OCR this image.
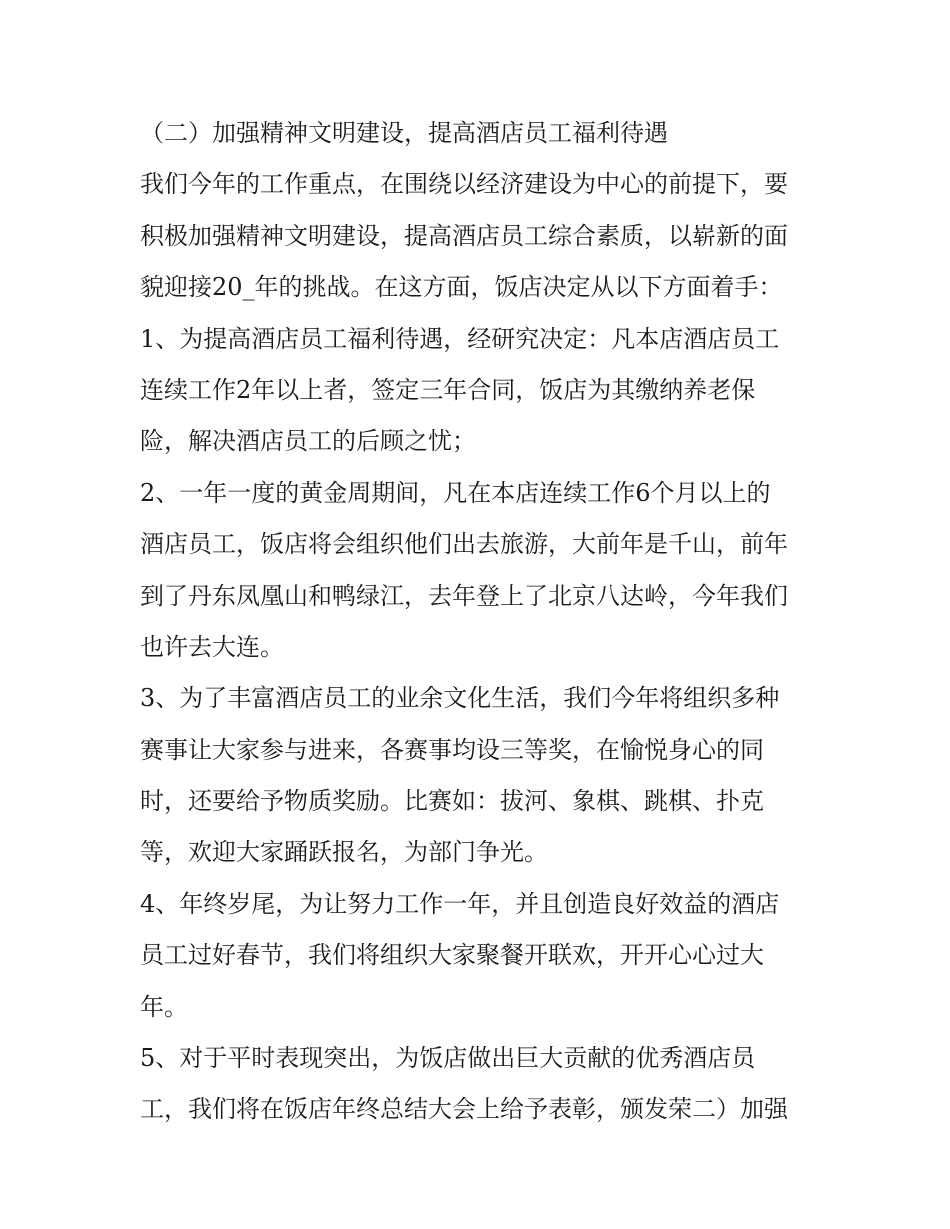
（二）加强精神文明建设，提高酒店员工福利待遇
我们今年的工作重点，在围绕以经济建设为中心的前提下，要
积极加强精神文明建设，提高酒店员工综合素质，以崭新的面
貌迎接20_年的挑战。在这方面，饭店决定从以下方面着手：
1、为提高酒店员工福利待遇，经研究决定：凡本店酒店员工
连续工作2年以上者，签定三年合同，饭店为其缴纳养老保
险，解决酒店员工的后顾之忧；
2、一年一度的黄金周期间，凡在本店连续工作6个月以上的
酒店员工，饭店将会组织他们出去旅游，大前年是千山，前年
到了丹东凤凰山和鸭绿江，去年登上了北京八达岭，今年我们
也许去大连。
3、为了丰富酒店员工的业余文化生活，我们今年将组织多种
赛事让大家参与进来，各赛事均设三等奖，在愉悦身心的同
时，还要给予物质奖励。比赛如：拔河、象棋、跳棋、扑克
等，欢迎大家踊跃报名，为部门争光。
4、年终岁尾，为让努力工作一年，并且创造良好效益的酒店
员工过好春节，我们将组织大家聚餐开联欢，开开心心过大
年。
5、对于平时表现突出，为饭店做出巨大贡献的优秀酒店员
工，我们将在饭店年终总结大会上给予表彰，颁发荣二）加强
